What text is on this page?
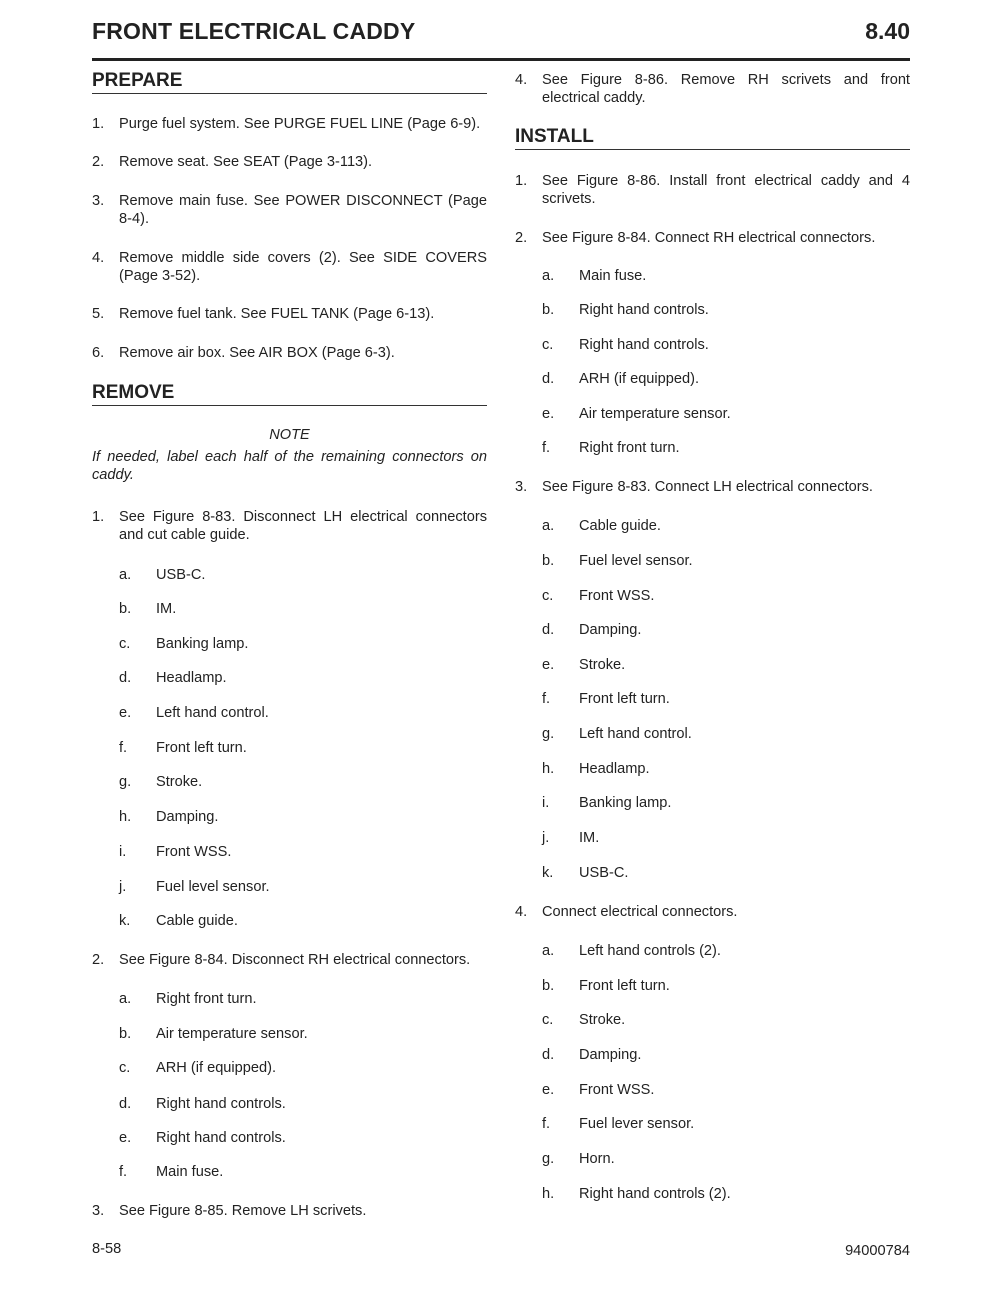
FRONT ELECTRICAL CADDY	8.40
PREPARE
1. Purge fuel system. See PURGE FUEL LINE (Page 6-9).
2. Remove seat. See SEAT (Page 3-113).
3. Remove main fuse. See POWER DISCONNECT (Page 8-4).
4. Remove middle side covers (2). See SIDE COVERS (Page 3-52).
5. Remove fuel tank. See FUEL TANK (Page 6-13).
6. Remove air box. See AIR BOX (Page 6-3).
REMOVE
NOTE
If needed, label each half of the remaining connectors on caddy.
1. See Figure 8-83. Disconnect LH electrical connectors and cut cable guide.
a. USB-C.
b. IM.
c. Banking lamp.
d. Headlamp.
e. Left hand control.
f. Front left turn.
g. Stroke.
h. Damping.
i. Front WSS.
j. Fuel level sensor.
k. Cable guide.
2. See Figure 8-84. Disconnect RH electrical connectors.
a. Right front turn.
b. Air temperature sensor.
c. ARH (if equipped).
d. Right hand controls.
e. Right hand controls.
f. Main fuse.
3. See Figure 8-85. Remove LH scrivets.
4. See Figure 8-86. Remove RH scrivets and front electrical caddy.
INSTALL
1. See Figure 8-86. Install front electrical caddy and 4 scrivets.
2. See Figure 8-84. Connect RH electrical connectors.
a. Main fuse.
b. Right hand controls.
c. Right hand controls.
d. ARH (if equipped).
e. Air temperature sensor.
f. Right front turn.
3. See Figure 8-83. Connect LH electrical connectors.
a. Cable guide.
b. Fuel level sensor.
c. Front WSS.
d. Damping.
e. Stroke.
f. Front left turn.
g. Left hand control.
h. Headlamp.
i. Banking lamp.
j. IM.
k. USB-C.
4. Connect electrical connectors.
a. Left hand controls (2).
b. Front left turn.
c. Stroke.
d. Damping.
e. Front WSS.
f. Fuel lever sensor.
g. Horn.
h. Right hand controls (2).
8-58	94000784
